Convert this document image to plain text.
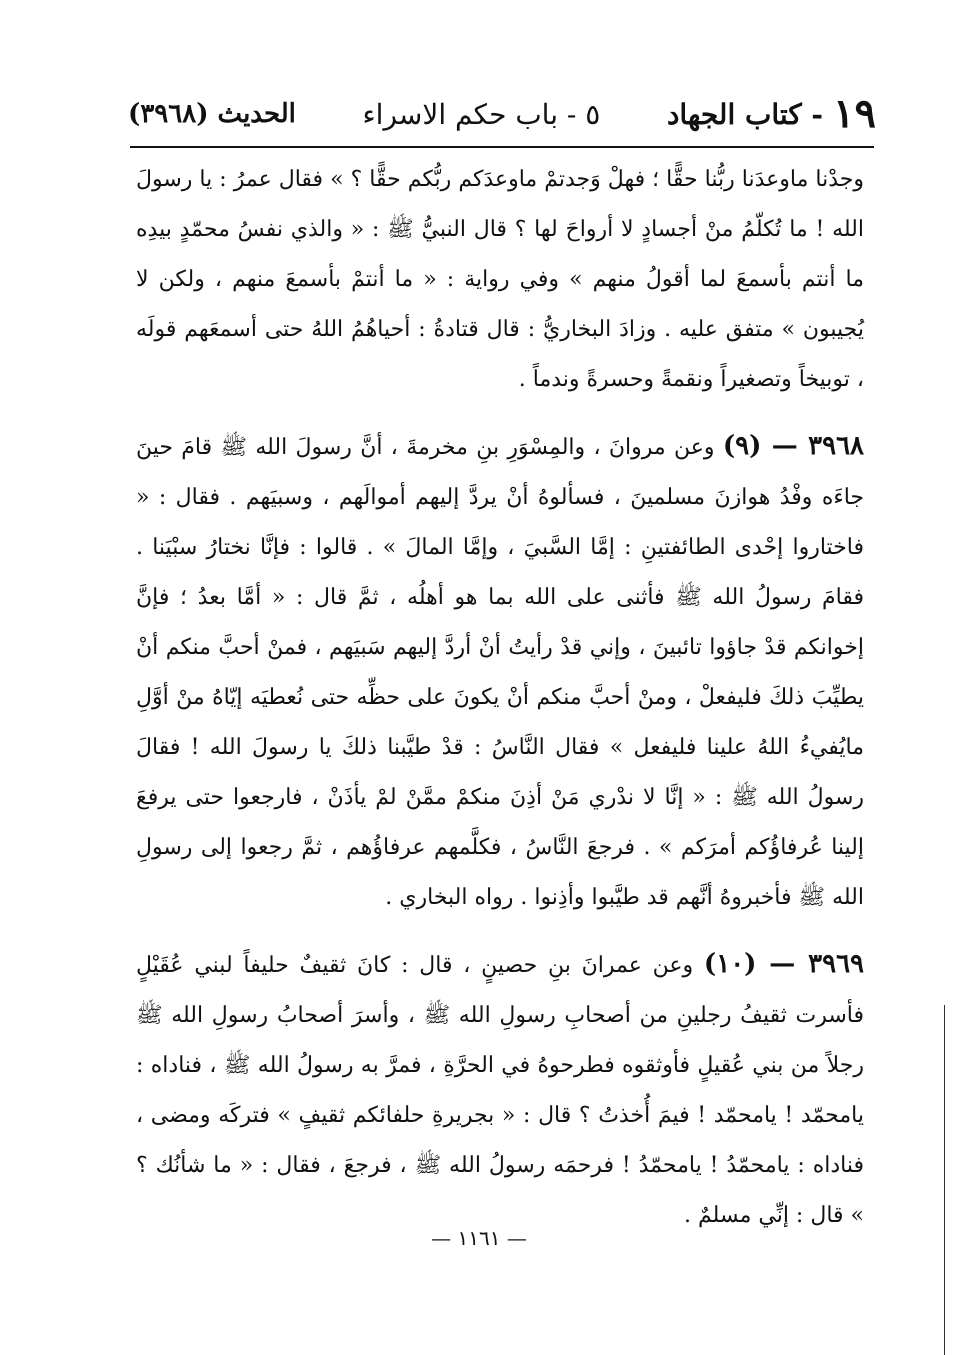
١٩
- كتاب الجهاد
٥ - باب حكم الاسراء
الحديث (٣٩٦٨)

وجدْنا ماوعدَنا ربُّنا حقًّا ؛ فهلْ وَجدتمْ ماوعدَكم ربُّكم حقًّا ؟ » فقال عمرُ : يا رسولَ الله ! ما تُكلّمُ منْ أجسادٍ لا أرواحَ لها ؟ قال النبيُّ ﷺ : « والذي نفسُ محمّدٍ بيدِه ما أنتم بأسمعَ لما أقولُ منهم » وفي رواية : « ما أنتمْ بأسمعَ منهم ، ولكن لا يُجيبون » متفق عليه . وزادَ البخاريُّ : قال قتادةُ : أحياهُمُ اللهُ حتى أسمعَهم قولَه ، توبيخاً وتصغيراً ونقمةً وحسرةً وندماً .

٣٩٦٨ — (٩) وعن مروانَ ، والمِسْوَرِ بنِ مخرمةَ ، أنَّ رسولَ الله ﷺ قامَ حينَ جاءَه وفْدُ هوازنَ مسلمينَ ، فسألوهُ أنْ يردَّ إليهم أموالَهم ، وسبيَهم . فقال : « فاختاروا إحْدى الطائفتينِ : إمَّا السَّبيَ ، وإمَّا المالَ » . قالوا : فإنَّا نختارُ سبْيَنا . فقامَ رسولُ الله ﷺ فأثنى على الله بما هو أهلُه ، ثمَّ قال : « أمَّا بعدُ ؛ فإنَّ إخوانكم قدْ جاؤوا تائبينَ ، وإني قدْ رأيتُ أنْ أردَّ إليهم سَبيَهم ، فمنْ أحبَّ منكم أنْ يطيِّبَ ذلكَ فليفعلْ ، ومنْ أحبَّ منكم أنْ يكونَ على حظِّه حتى نُعطيَه إيّاهُ منْ أوَّلِ مايُفيءُ اللهُ علينا فليفعل » فقال النَّاسُ : قدْ طيَّبنا ذلكَ يا رسولَ الله ! فقالَ رسولُ الله ﷺ : « إنَّا لا ندْري مَنْ أذِنَ منكمْ ممَّنْ لمْ يأذَنْ ، فارجعوا حتى يرفعَ إلينا عُرفاؤُكم أمرَكم » . فرجعَ النَّاسُ ، فكلَّمهم عرفاؤُهم ، ثمَّ رجعوا إلى رسولِ الله ﷺ فأخبروهُ أنَّهم قد طيَّبوا وأذِنوا . رواه البخاري .

٣٩٦٩ — (١٠) وعن عمرانَ بنِ حصينٍ ، قال : كانَ ثقيفٌ حليفاً لبني عُقَيْلٍ فأسرت ثقيفُ رجلينِ من أصحابِ رسولِ الله ﷺ ، وأسرَ أصحابُ رسولِ الله ﷺ رجلاً من بني عُقيلٍ فأوثقوه فطرحوهُ في الحرَّةِ ، فمرَّ به رسولُ الله ﷺ ، فناداه : يامحمّد ! يامحمّد ! فيمَ أُخذتُ ؟ قال : « بجريرةِ حلفائكم ثقيفٍ » فتركَه ومضى ، فناداه : يامحمّدُ ! يامحمّدُ ! فرحمَه رسولُ الله ﷺ ، فرجعَ ، فقال : « ما شأنُك ؟ » قال : إنِّي مسلمٌ .

— ١١٦١ —
